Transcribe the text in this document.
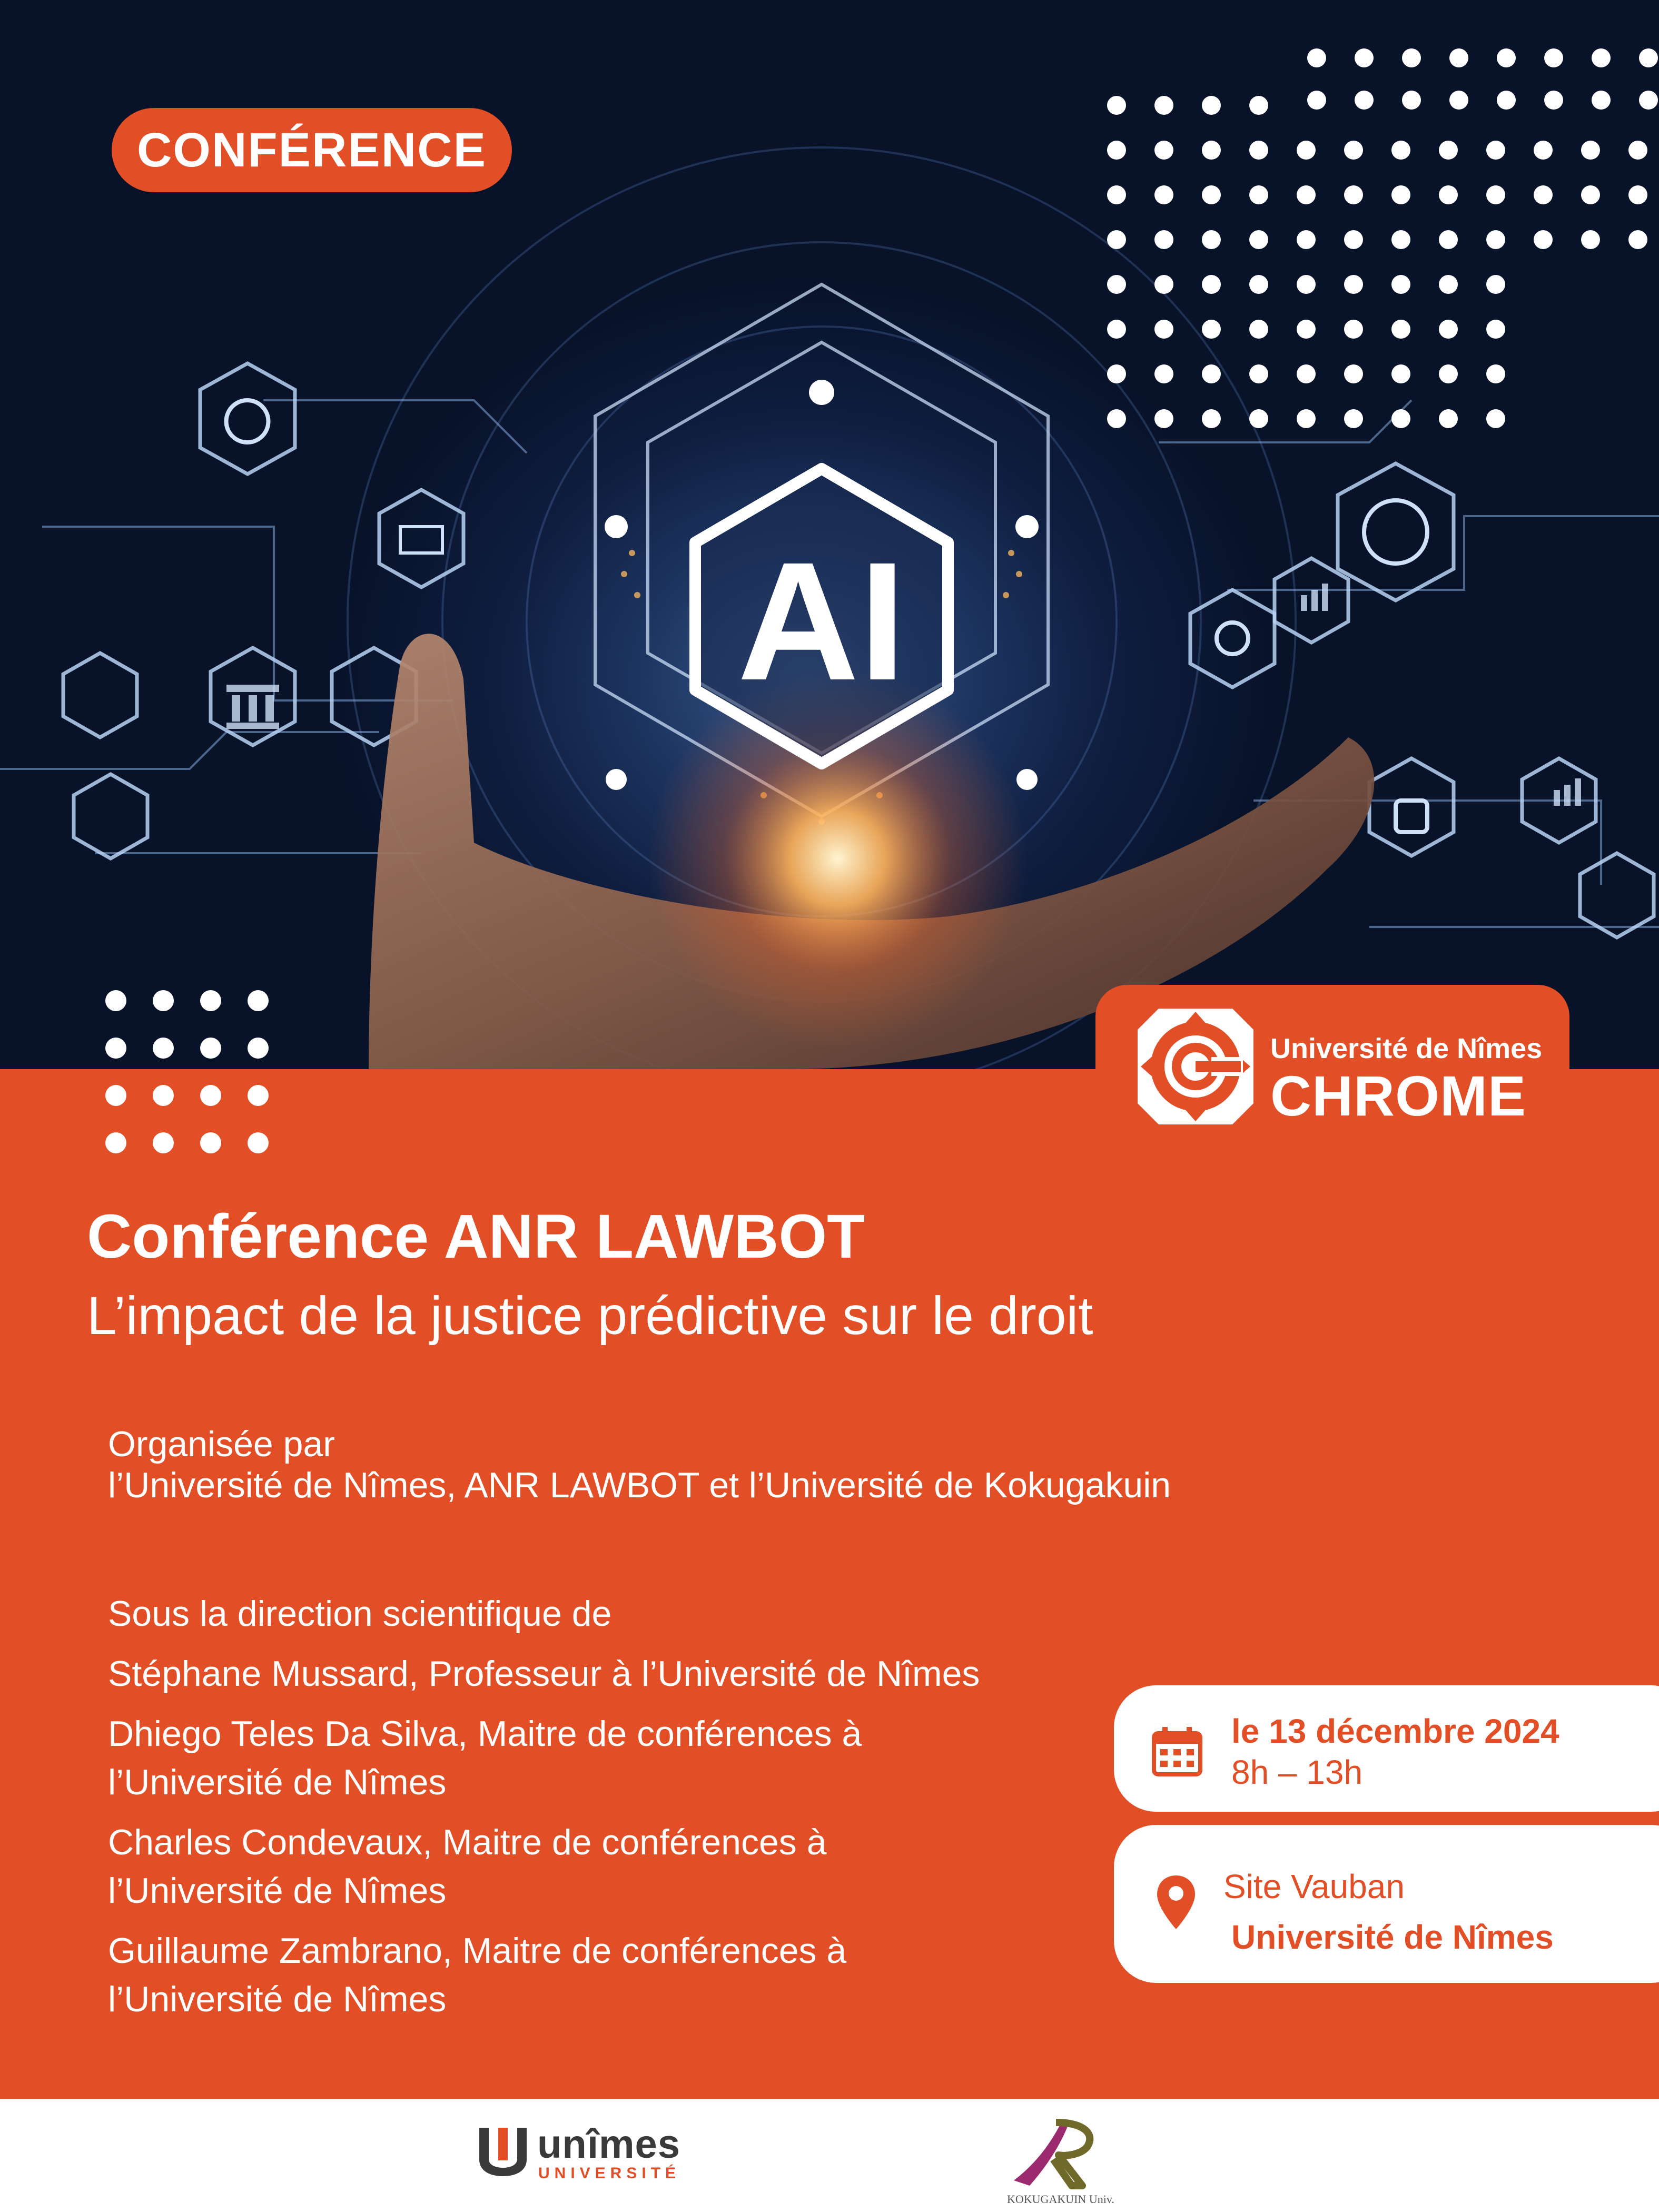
AI
CONFÉRENCE
Université de Nîmes
CHROME
Conférence ANR LAWBOT
L’impact de la justice prédictive sur le droit
Organisée par
l’Université de Nîmes, ANR LAWBOT et l’Université de Kokugakuin
Sous la direction scientifique de
Stéphane Mussard, Professeur à l’Université de Nîmes
Dhiego Teles Da Silva, Maitre de conférences à
l’Université de Nîmes
Charles Condevaux, Maitre de conférences à
l’Université de Nîmes
Guillaume Zambrano, Maitre de conférences à
l’Université de Nîmes
le 13 décembre 2024
8h – 13h
Site Vauban
Université de Nîmes
unîmes
UNIVERSITÉ
KOKUGAKUIN Univ.
